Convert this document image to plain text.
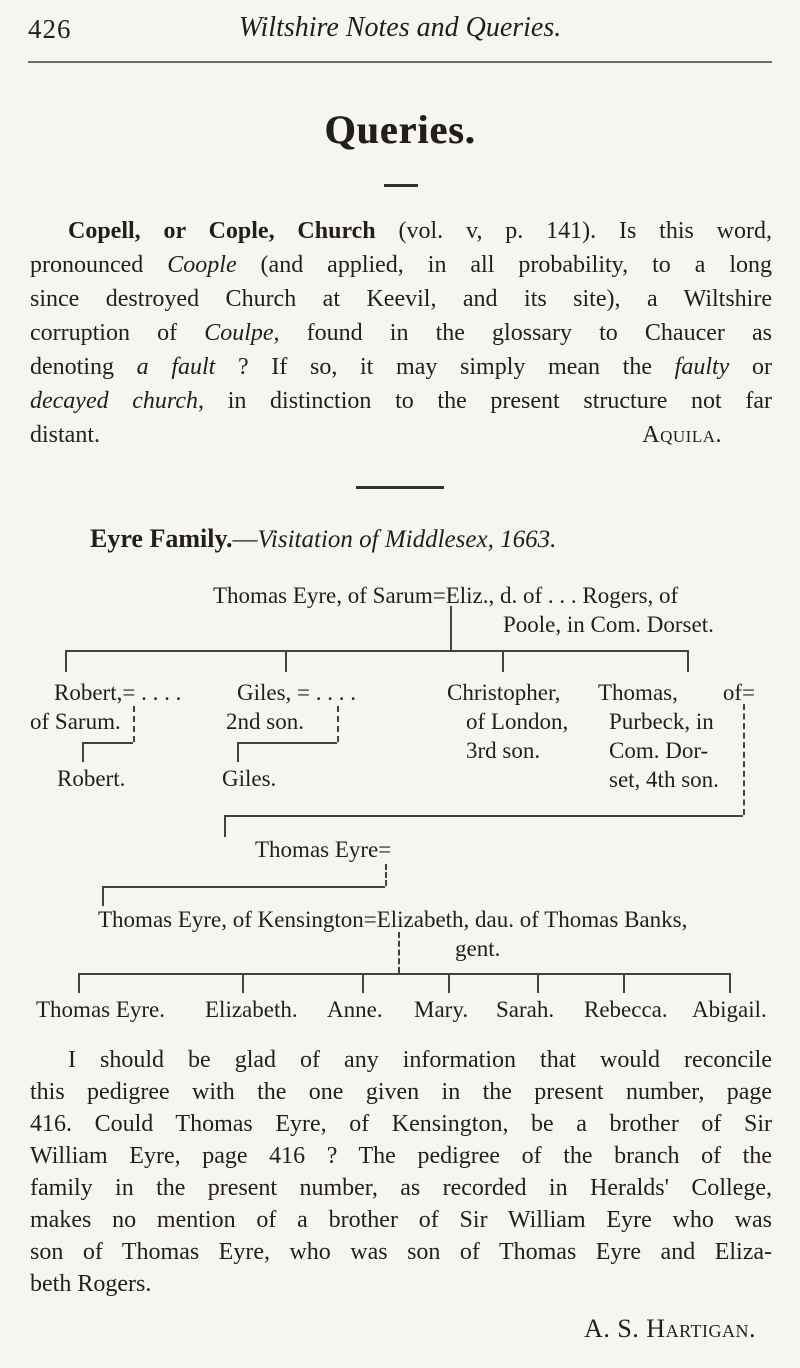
426	Wiltshire Notes and Queries.
Queries.
Copell, or Cople, Church (vol. v, p. 141). Is this word,
pronounced Coople (and applied, in all probability, to a long
since destroyed Church at Keevil, and its site), a Wiltshire
corruption of Coulpe, found in the glossary to Chaucer as
denoting a fault ? If so, it may simply mean the faulty or
decayed church, in distinction to the present structure not far
distant.	Aquila.
Eyre Family.—Visitation of Middlesex, 1663.
Thomas Eyre, of Sarum=Eliz., d. of . . . Rogers, of
Poole, in Com. Dorset.
Robert,= . . . .
of Sarum.
Robert.
Giles, = . . . .
2nd son.
Giles.
Christopher,
of London,
3rd son.
Thomas, of=
Purbeck, in
Com. Dor-
set, 4th son.
Thomas Eyre=
Thomas Eyre, of Kensington=Elizabeth, dau. of Thomas Banks,
gent.
Thomas Eyre. Elizabeth. Anne. Mary. Sarah. Rebecca. Abigail.
I should be glad of any information that would reconcile
this pedigree with the one given in the present number, page
416. Could Thomas Eyre, of Kensington, be a brother of Sir
William Eyre, page 416 ? The pedigree of the branch of the
family in the present number, as recorded in Heralds' College,
makes no mention of a brother of Sir William Eyre who was
son of Thomas Eyre, who was son of Thomas Eyre and Eliza-
beth Rogers.
A. S. Hartigan.
